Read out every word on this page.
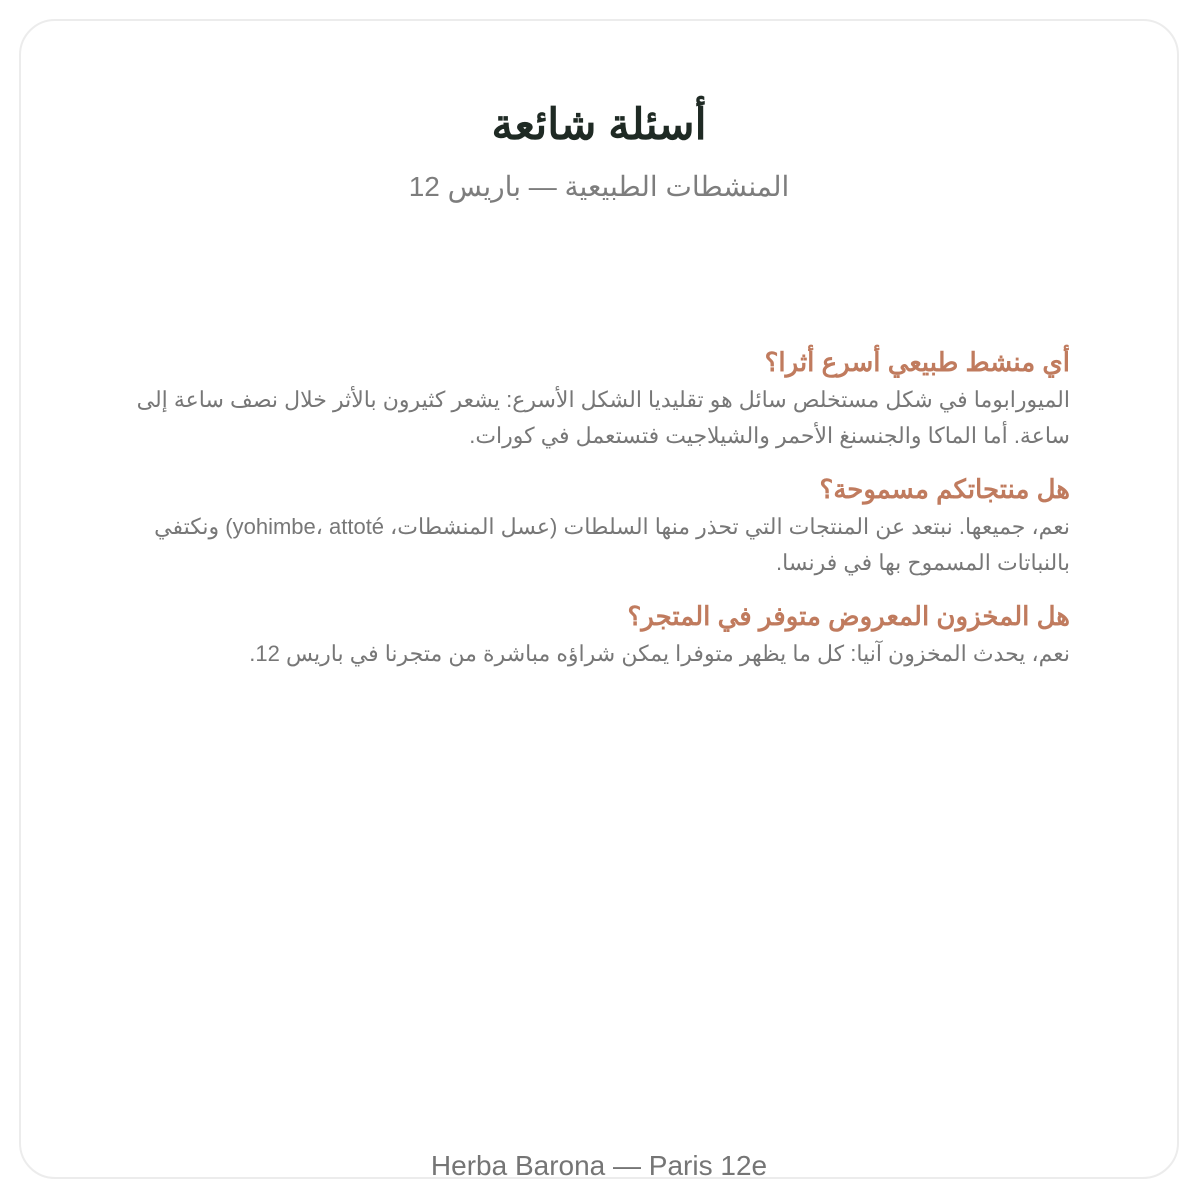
أسئلة شائعة
المنشطات الطبيعية — باريس 12
أي منشط طبيعي أسرع أثرا؟
الميورابوما في شكل مستخلص سائل هو تقليديا الشكل الأسرع: يشعر كثيرون بالأثر خلال نصف ساعة إلى ساعة. أما الماكا والجنسنغ الأحمر والشيلاجيت فتستعمل في كورات.
هل منتجاتكم مسموحة؟
نعم، جميعها. نبتعد عن المنتجات التي تحذر منها السلطات (عسل المنشطات، yohimbe، attoté) ونكتفي بالنباتات المسموح بها في فرنسا.
هل المخزون المعروض متوفر في المتجر؟
نعم، يحدث المخزون آنيا: كل ما يظهر متوفرا يمكن شراؤه مباشرة من متجرنا في باريس 12.
Herba Barona — Paris 12e
